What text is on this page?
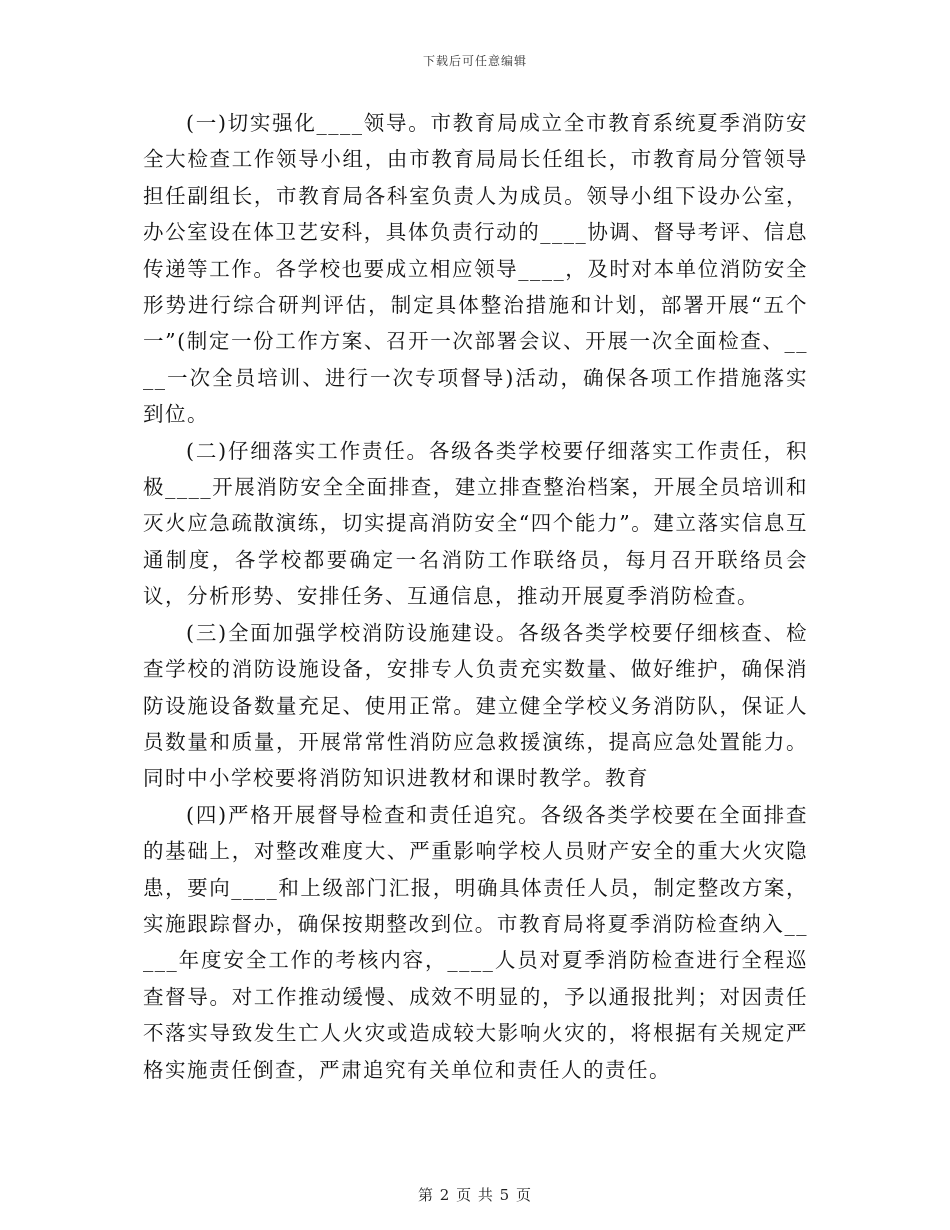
下载后可任意编辑

(一)切实强化____领导。市教育局成立全市教育系统夏季消防安全大检查工作领导小组，由市教育局局长任组长，市教育局分管领导担任副组长，市教育局各科室负责人为成员。领导小组下设办公室，办公室设在体卫艺安科，具体负责行动的____协调、督导考评、信息传递等工作。各学校也要成立相应领导____，及时对本单位消防安全形势进行综合研判评估，制定具体整治措施和计划，部署开展“五个一”(制定一份工作方案、召开一次部署会议、开展一次全面检查、____一次全员培训、进行一次专项督导)活动，确保各项工作措施落实到位。

(二)仔细落实工作责任。各级各类学校要仔细落实工作责任，积极____开展消防安全全面排查，建立排查整治档案，开展全员培训和灭火应急疏散演练，切实提高消防安全“四个能力”。建立落实信息互通制度，各学校都要确定一名消防工作联络员，每月召开联络员会议，分析形势、安排任务、互通信息，推动开展夏季消防检查。

(三)全面加强学校消防设施建设。各级各类学校要仔细核查、检查学校的消防设施设备，安排专人负责充实数量、做好维护，确保消防设施设备数量充足、使用正常。建立健全学校义务消防队，保证人员数量和质量，开展常常性消防应急救援演练，提高应急处置能力。同时中小学校要将消防知识进教材和课时教学。教育

(四)严格开展督导检查和责任追究。各级各类学校要在全面排查的基础上，对整改难度大、严重影响学校人员财产安全的重大火灾隐患，要向____和上级部门汇报，明确具体责任人员，制定整改方案，实施跟踪督办，确保按期整改到位。市教育局将夏季消防检查纳入_____年度安全工作的考核内容，____人员对夏季消防检查进行全程巡查督导。对工作推动缓慢、成效不明显的，予以通报批判；对因责任不落实导致发生亡人火灾或造成较大影响火灾的，将根据有关规定严格实施责任倒查，严肃追究有关单位和责任人的责任。

第 2 页 共 5 页
